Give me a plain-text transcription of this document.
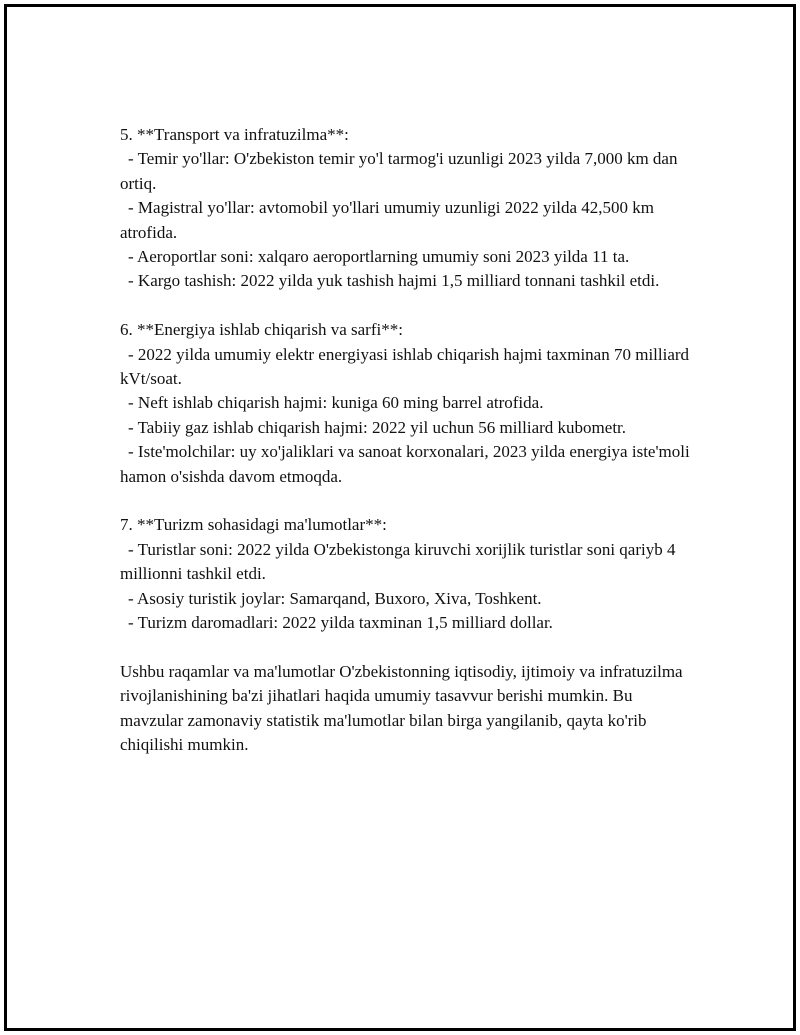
5. **Transport va infratuzilma**:
- Temir yo'llar: O'zbekiston temir yo'l tarmog'i uzunligi 2023 yilda 7,000 km dan ortiq.
- Magistral yo'llar: avtomobil yo'llari umumiy uzunligi 2022 yilda 42,500 km atrofida.
- Aeroportlar soni: xalqaro aeroportlarning umumiy soni 2023 yilda 11 ta.
- Kargo tashish: 2022 yilda yuk tashish hajmi 1,5 milliard tonnani tashkil etdi.
6. **Energiya ishlab chiqarish va sarfi**:
- 2022 yilda umumiy elektr energiyasi ishlab chiqarish hajmi taxminan 70 milliard kVt/soat.
- Neft ishlab chiqarish hajmi: kuniga 60 ming barrel atrofida.
- Tabiiy gaz ishlab chiqarish hajmi: 2022 yil uchun 56 milliard kubometr.
- Iste'molchilar: uy xo'jaliklari va sanoat korxonalari, 2023 yilda energiya iste'moli hamon o'sishda davom etmoqda.
7. **Turizm sohasidagi ma'lumotlar**:
- Turistlar soni: 2022 yilda O'zbekistonga kiruvchi xorijlik turistlar soni qariyb 4 millionni tashkil etdi.
- Asosiy turistik joylar: Samarqand, Buxoro, Xiva, Toshkent.
- Turizm daromadlari: 2022 yilda taxminan 1,5 milliard dollar.
Ushbu raqamlar va ma'lumotlar O'zbekistonning iqtisodiy, ijtimoiy va infratuzilma rivojlanishining ba'zi jihatlari haqida umumiy tasavvur berishi mumkin. Bu mavzular zamonaviy statistik ma'lumotlar bilan birga yangilanib, qayta ko'rib chiqilishi mumkin.
